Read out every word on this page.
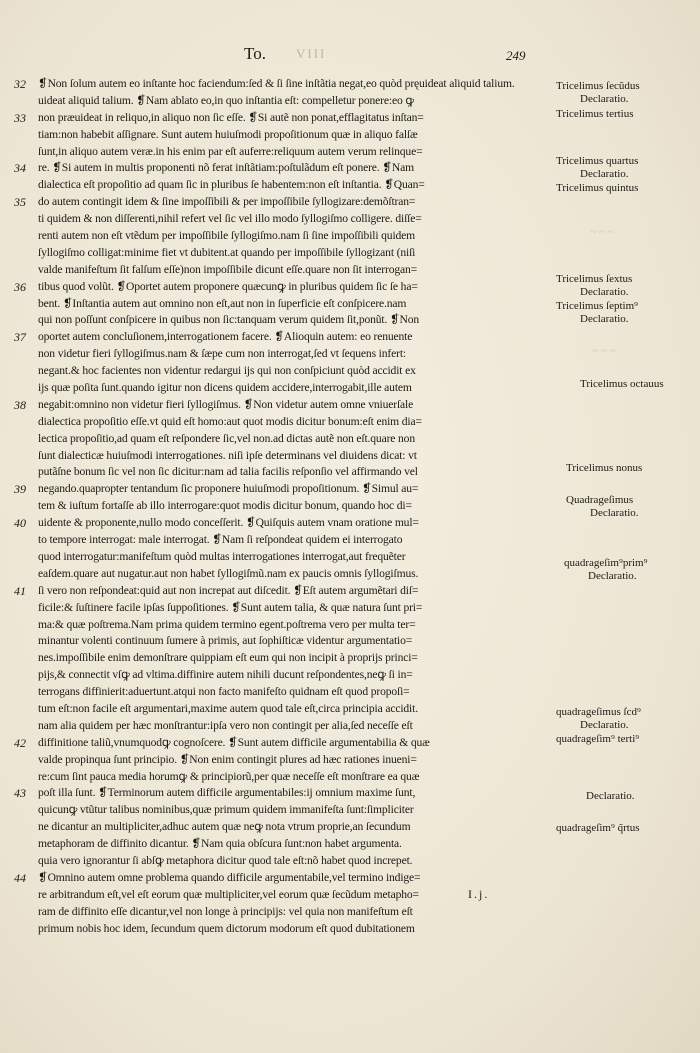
To. VIII	249
32	❡Non ſolum autem eo inſtante hoc faciendum:ſed & ſi ſine inſtãtia negat,eo quòd pręuideat aliquid talium.
uideat aliquid talium. ❡Nam ablato eo,in quo inſtantia eſt: compelletur ponere:eo ꝙ
33	non præuideat in reliquo,in aliquo non ſic eſſe. ❡Si autẽ non ponat,efflagitatus inſtan=
tiam:non habebit aſſignare. Sunt autem huiuſmodi propoſitionum quæ in aliquo falſæ
ſunt,in aliquo autem veræ.in his enim par eſt auferre:reliquum autem verum relinque=
34	re. ❡Si autem in multis proponenti nõ ferat inſtãtiam:poſtulãdum eſt ponere. ❡Nam
dialectica eſt propoſitio ad quam ſic in pluribus ſe habentem:non eſt inſtantia. ❡Quan=
35	do autem contingit idem & ſine impoſſibili & per impoſſibile ſyllogizare:demõſtran=
ti quidem & non diſſerenti,nihil refert vel ſic vel illo modo ſyllogiſmo colligere. diſſe=
renti autem non eſt vtẽdum per impoſſibile ſyllogiſmo.nam ſi ſine impoſſibili quidem
ſyllogiſmo colligat:minime fiet vt dubitent.at quando per impoſſibile ſyllogizant (niſi
valde manifeſtum ſit falſum eſſe)non impoſſibile dicunt eſſe.quare non ſit interrogan=
36	tibus quod volũt. ❡Oportet autem proponere quæcunꝙ in pluribus quidem ſic ſe ha=
bent. ❡Inſtantia autem aut omnino non eſt,aut non in ſuperficie eſt conſpicere.nam
qui non poſſunt conſpicere in quibus non ſic:tanquam verum quidem ſit,ponũt. ❡Non
37	oportet autem concluſionem,interrogationem facere. ❡Alioquin autem: eo renuente
non videtur fieri ſyllogiſmus.nam & ſæpe cum non interrogat,ſed vt ſequens infert:
negant.& hoc facientes non videntur redargui ijs qui non conſpiciunt quòd accidit ex
ijs quæ poſita ſunt.quando igitur non dicens quidem accidere,interrogabit,ille autem
38	negabit:omnino non videtur fieri ſyllogiſmus. ❡Non videtur autem omne vniuerſale
dialectica propoſitio eſſe.vt quid eſt homo:aut quot modis dicitur bonum:eſt enim dia=
lectica propoſitio,ad quam eſt reſpondere ſic,vel non.ad dictas autẽ non eſt.quare non
ſunt dialecticæ huiuſmodi interrogationes. niſi ipſe determinans vel diuidens dicat: vt
putãſne bonum ſic vel non ſic dicitur:nam ad talia facilis reſponſio vel affirmando vel
39	negando.quapropter tentandum ſic proponere huiuſmodi propoſitionum. ❡Simul au=
tem & iuſtum fortaſſe ab illo interrogare:quot modis dicitur bonum, quando hoc di=
40	uidente & proponente,nullo modo conceſſerit. ❡Quiſquis autem vnam oratione mul=
to tempore interrogat: male interrogat. ❡Nam ſi reſpondeat quidem ei interrogato
quod interrogatur:manifeſtum quòd multas interrogationes interrogat,aut frequẽter
eaſdem.quare aut nugatur.aut non habet ſyllogiſmũ.nam ex paucis omnis ſyllogiſmus.
41	ſi vero non reſpondeat:quid aut non increpat aut diſcedit. ❡Eſt autem argumẽtari diſ=
ficile:& ſuſtinere facile ipſas ſuppoſitiones. ❡Sunt autem talia, & quæ natura ſunt pri=
ma:& quæ poſtrema.Nam prima quidem termino egent.poſtrema vero per multa ter=
minantur volenti continuum ſumere à primis, aut ſophiſticæ videntur argumentatio=
nes.impoſſibile enim demonſtrare quippiam eſt eum qui non incipit à proprijs princi=
pijs,& connectit vſꝙ ad vltima.diffinire autem nihili ducunt reſpondentes,neꝙ ſi in=
terrogans diffinierit:aduertunt.atqui non facto manifeſto quidnam eſt quod propoſi=
tum eſt:non facile eſt argumentari,maxime autem quod tale eſt,circa principia accidit.
nam alia quidem per hæc monſtrantur:ipſa vero non contingit per alia,ſed neceſſe eſt
42	diffinitione taliũ,vnumquodꝙ cognoſcere. ❡Sunt autem difficile argumentabilia & quæ
valde propinqua ſunt principio. ❡Non enim contingit plures ad hæc rationes inueni=
re:cum ſint pauca media horumꝙ & principiorũ,per quæ neceſſe eſt monſtrare ea quæ
43	poſt illa ſunt. ❡Terminorum autem difficile argumentabiles:ij omnium maxime ſunt,
quicunꝙ vtũtur talibus nominibus,quæ primum quidem immanifeſta ſunt:ſimpliciter
ne dicantur an multipliciter,adhuc autem quæ neꝙ nota vtrum proprie,an ſecundum
metaphoram de diffinito dicantur. ❡Nam quia obſcura ſunt:non habet argumenta.
quia vero ignorantur ſi abſꝙ metaphora dicitur quod tale eſt:nõ habet quod increpet.
44	❡Omnino autem omne problema quando difficile argumentabile,vel termino indige=
re arbitrandum eſt,vel eſt eorum quæ multipliciter,vel eorum quæ ſecũdum metapho=
ram de diffinito eſſe dicantur,vel non longe à principijs: vel quia non manifeſtum eſt
primum nobis hoc idem, ſecundum quem dictorum modorum eſt quod dubitationem
Tricelimus ſecũdus
Declaratio.
Tricelimus tertius
Tricelimus quartus
Declaratio.
Tricelimus quintus
Tricelimus ſextus
Declaratio.
Tricelimus ſeptim⁹
Declaratio.
Tricelimus octauus
Tricelimus nonus
Quadrageſimus
Declaratio.
quadrageſim⁹prim⁹
Declaratio.
quadrageſimus ſcd⁹
Declaratio.
quadrageſim⁹ terti⁹
Declaratio.
quadrageſim⁹ q̃rtus
~ ~ ~
~ ~ ~
I.j.
